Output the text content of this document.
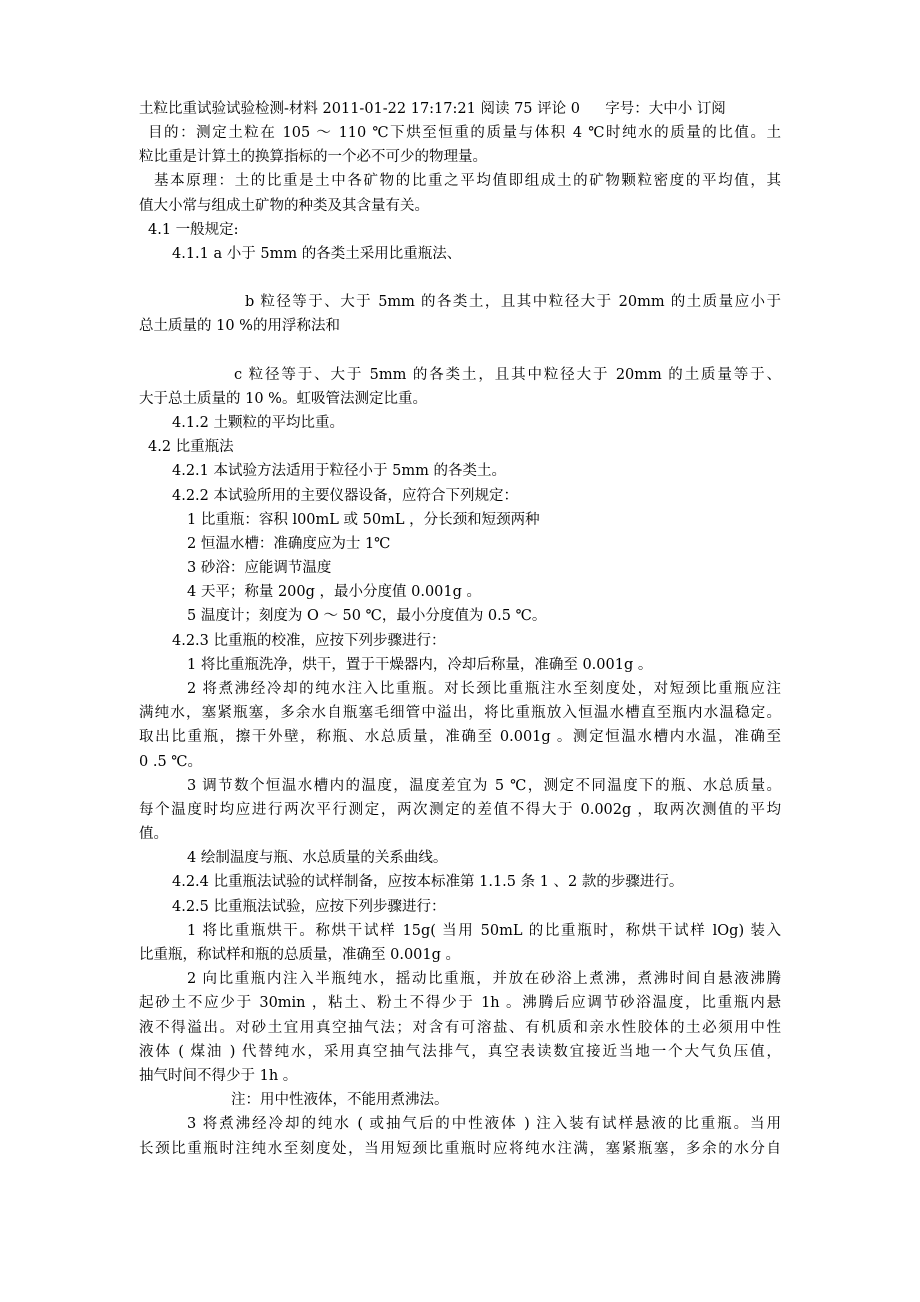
土粒比重试验试验检测-材料 2011-01-22 17:17:21 阅读 75 评论 0  字号：大中小 订阅
目的：测定土粒在 105 ～ 110 ℃下烘至恒重的质量与体积 4 ℃时纯水的质量的比值。土
粒比重是计算土的换算指标的一个必不可少的物理量。
基本原理：土的比重是土中各矿物的比重之平均值即组成土的矿物颗粒密度的平均值，其
值大小常与组成土矿物的种类及其含量有关。
4.1 一般规定:
4.1.1 a 小于 5mm 的各类土采用比重瓶法、
b 粒径等于、大于 5mm 的各类土，且其中粒径大于 20mm 的土质量应小于
总土质量的 10 %的用浮称法和
c 粒径等于、大于 5mm 的各类土，且其中粒径大于 20mm 的土质量等于、
大于总土质量的 10 %。虹吸管法测定比重。
4.1.2 土颗粒的平均比重。
4.2 比重瓶法
4.2.1 本试验方法适用于粒径小于 5mm 的各类土。
4.2.2 本试验所用的主要仪器设备，应符合下列规定：
1 比重瓶：容积 l00mL 或 50mL ，分长颈和短颈两种
2 恒温水槽：准确度应为士 1℃
3 砂浴：应能调节温度
4 天平；称量 200g ，最小分度值 0.001g 。
5 温度计；刻度为 O ～ 50 ℃，最小分度值为 0.5 ℃。
4.2.3 比重瓶的校准，应按下列步骤进行：
1 将比重瓶洗净，烘干，置于干燥器内，冷却后称量，准确至 0.001g 。
2 将煮沸经冷却的纯水注入比重瓶。对长颈比重瓶注水至刻度处，对短颈比重瓶应注
满纯水，塞紧瓶塞，多余水自瓶塞毛细管中溢出，将比重瓶放入恒温水槽直至瓶内水温稳定。
取出比重瓶，擦干外壁，称瓶、水总质量，准确至 0.001g 。测定恒温水槽内水温，准确至
0 .5 ℃。
3 调节数个恒温水槽内的温度，温度差宜为 5 ℃，测定不同温度下的瓶、水总质量。
每个温度时均应进行两次平行测定，两次测定的差值不得大于 0.002g ，取两次测值的平均
值。
4 绘制温度与瓶、水总质量的关系曲线。
4.2.4 比重瓶法试验的试样制备，应按本标准第 1.1.5 条 1 、2 款的步骤进行。
4.2.5 比重瓶法试验，应按下列步骤进行：
1 将比重瓶烘干。称烘干试样 15g( 当用 50mL 的比重瓶时，称烘干试样 lOg) 装入
比重瓶，称试样和瓶的总质量，准确至 0.001g 。
2 向比重瓶内注入半瓶纯水，摇动比重瓶，并放在砂浴上煮沸，煮沸时间自悬液沸腾
起砂土不应少于 30min ，粘土、粉土不得少于 1h 。沸腾后应调节砂浴温度，比重瓶内悬
液不得溢出。对砂土宜用真空抽气法；对含有可溶盐、有机质和亲水性胶体的土必须用中性
液体 ( 煤油 ) 代替纯水，采用真空抽气法排气，真空表读数宜接近当地一个大气负压值，
抽气时间不得少于 1h 。
注：用中性液体，不能用煮沸法。
3 将煮沸经冷却的纯水 ( 或抽气后的中性液体 ) 注入装有试样悬液的比重瓶。当用
长颈比重瓶时注纯水至刻度处，当用短颈比重瓶时应将纯水注满，塞紧瓶塞，多余的水分自
